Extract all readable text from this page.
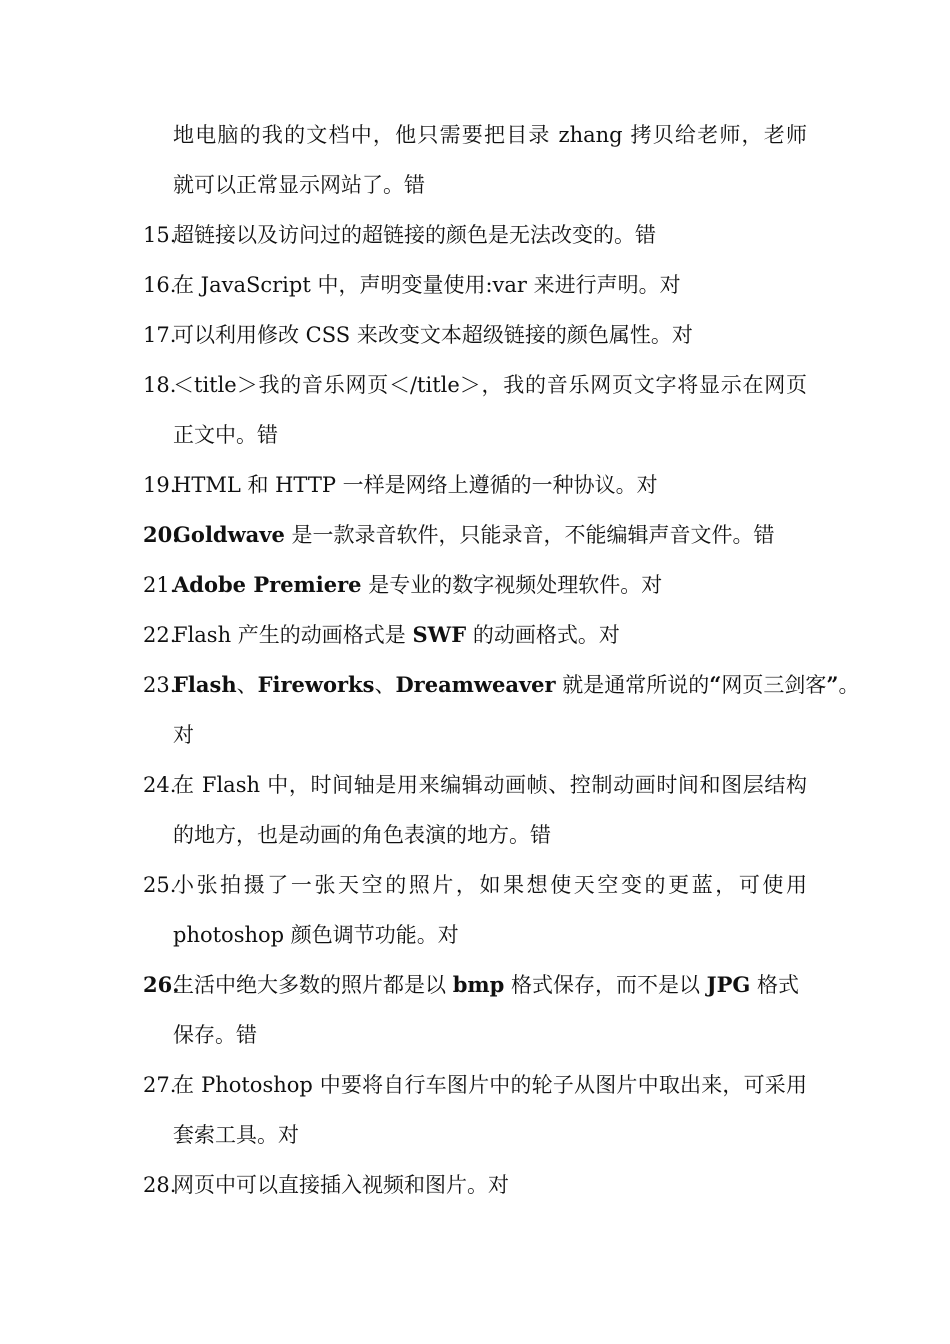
地电脑的我的文档中，他只需要把目录 zhang 拷贝给老师，老师
就可以正常显示网站了。错
15.
超链接以及访问过的超链接的颜色是无法改变的。错
16.
在 JavaScript 中，声明变量使用:var 来进行声明。对
17.
可以利用修改 CSS 来改变文本超级链接的颜色属性。对
18.
＜title＞我的音乐网页＜/title＞，我的音乐网页文字将显示在网页
正文中。错
19.
HTML 和 HTTP 一样是网络上遵循的一种协议。对
20.
Goldwave 是一款录音软件，只能录音，不能编辑声音文件。错
21.
Adobe Premiere 是专业的数字视频处理软件。对
22.
Flash 产生的动画格式是 SWF 的动画格式。对
23.
Flash、Fireworks、Dreamweaver 就是通常所说的“网页三剑客”。
对
24.
在 Flash 中，时间轴是用来编辑动画帧、控制动画时间和图层结构
的地方，也是动画的角色表演的地方。错
25.
小张拍摄了一张天空的照片，如果想使天空变的更蓝，可使用
photoshop 颜色调节功能。对
26.
生活中绝大多数的照片都是以 bmp 格式保存，而不是以 JPG 格式
保存。错
27.
在 Photoshop 中要将自行车图片中的轮子从图片中取出来，可采用
套索工具。对
28.
网页中可以直接插入视频和图片。对
